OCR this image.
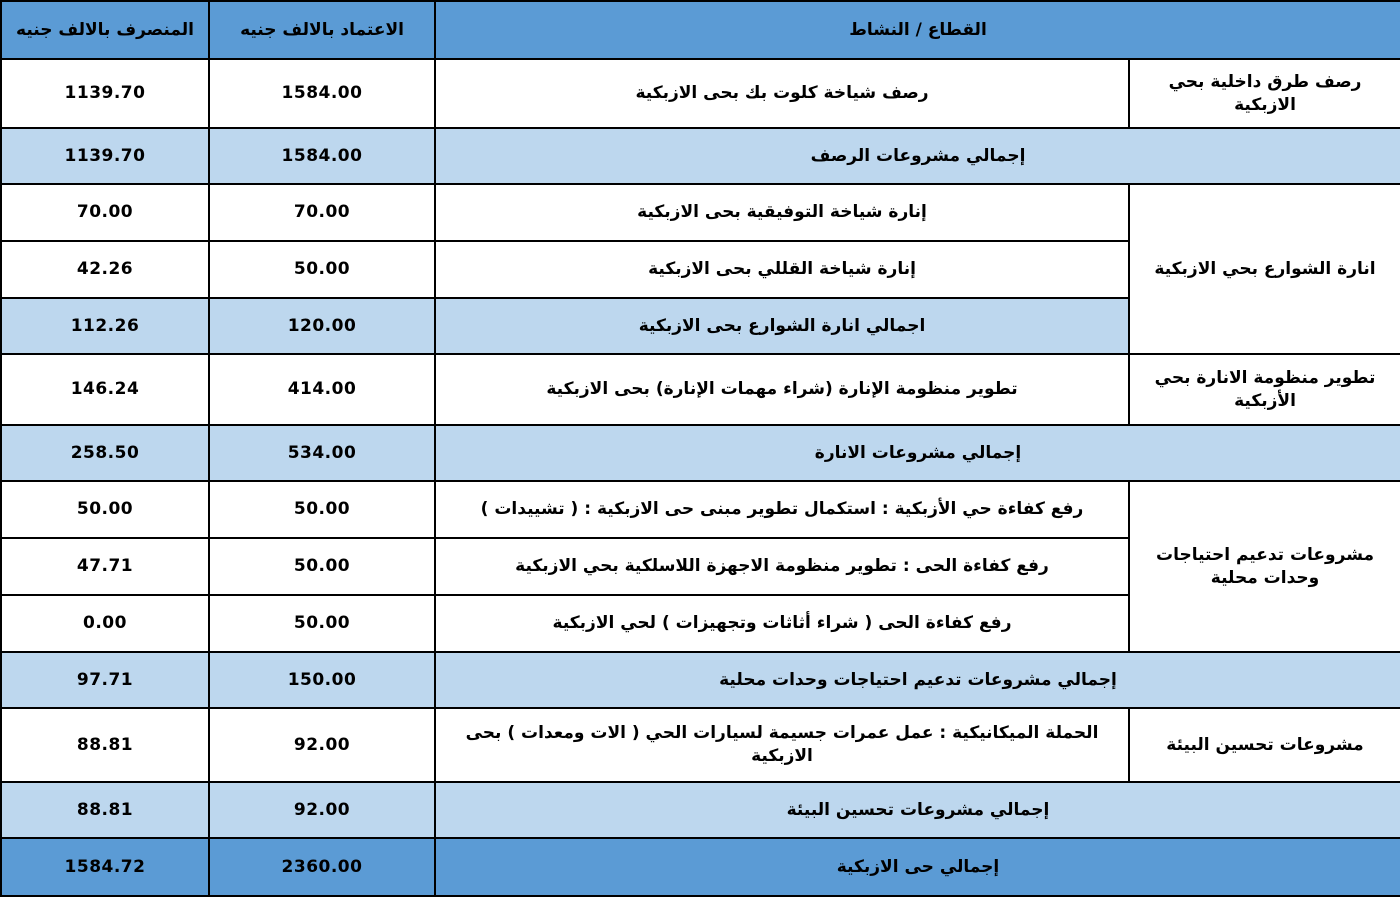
المنصرف بالالف جنيه	الاعتماد بالالف جنيه	القطاع / النشاط	
1139.70	1584.00	رصف شياخة كلوت بك بحى الازبكية	رصف طرق داخلية بحي الازبكية
1139.70	1584.00	إجمالي مشروعات الرصف	
70.00	70.00	إنارة شياخة التوفيقية بحى الازبكية	انارة الشوارع بحي الازبكية
42.26	50.00	إنارة شياخة القللي بحى الازبكية	
112.26	120.00	اجمالي انارة الشوارع بحى الازبكية	
146.24	414.00	تطوير منظومة الإنارة (شراء مهمات الإنارة) بحى الازبكية	تطوير منظومة الانارة بحي الأزبكية
258.50	534.00	إجمالي مشروعات الانارة	
50.00	50.00	رفع كفاءة حي الأزبكية : استكمال تطوير مبنى حى الازبكية : ( تشييدات )	مشروعات تدعيم احتياجات وحدات محلية
47.71	50.00	رفع كفاءة الحى : تطوير منظومة الاجهزة اللاسلكية بحي الازبكية	
0.00	50.00	رفع كفاءة الحى ( شراء أثاثات وتجهيزات ) لحي الازبكية	
97.71	150.00	إجمالي مشروعات تدعيم احتياجات وحدات محلية	
88.81	92.00	الحملة الميكانيكية : عمل عمرات جسيمة لسيارات الحي ( الات ومعدات ) بحى الازبكية	مشروعات تحسين البيئة
88.81	92.00	إجمالي مشروعات تحسين البيئة	
1584.72	2360.00	إجمالي حى الازبكية	
